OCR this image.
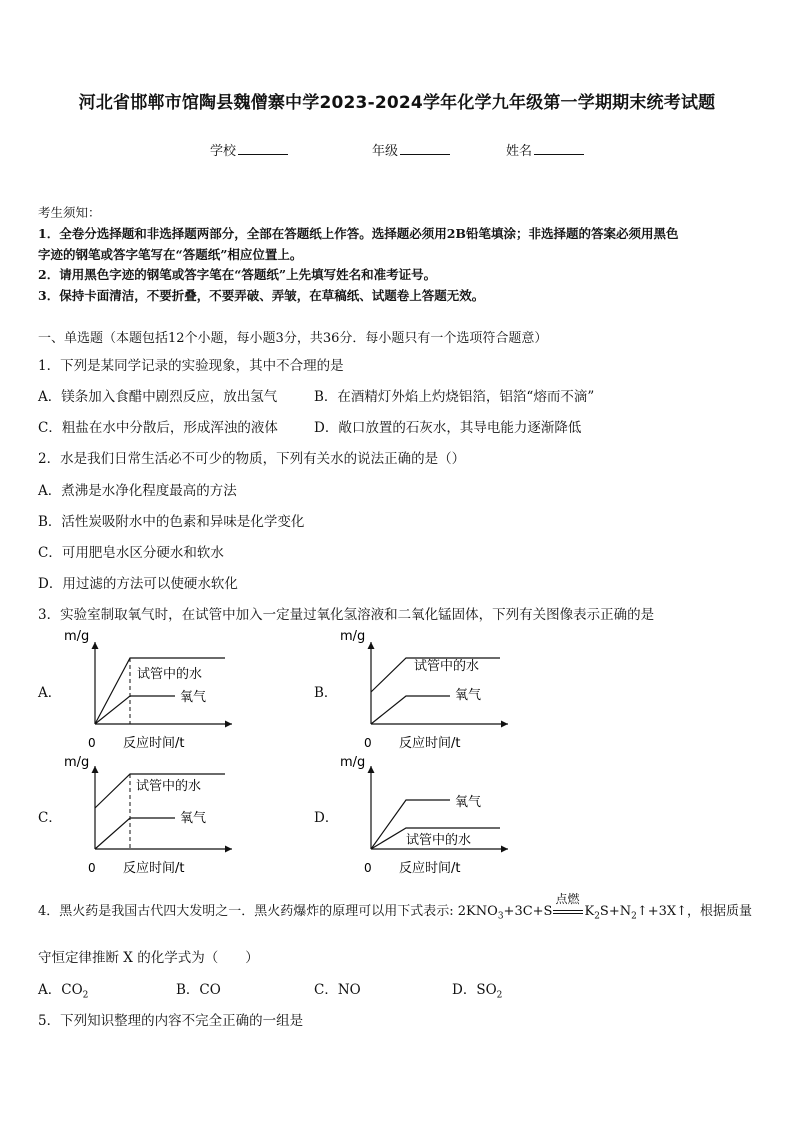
河北省邯郸市馆陶县魏僧寨中学2023-2024学年化学九年级第一学期期末统考试题
学校	年级	姓名
考生须知：
1．全卷分选择题和非选择题两部分，全部在答题纸上作答。选择题必须用2B铅笔填涂；非选择题的答案必须用黑色
字迹的钢笔或答字笔写在“答题纸”相应位置上。
2．请用黑色字迹的钢笔或答字笔在“答题纸”上先填写姓名和准考证号。
3．保持卡面清洁，不要折叠，不要弄破、弄皱，在草稿纸、试题卷上答题无效。
一、单选题（本题包括12个小题，每小题3分，共36分．每小题只有一个选项符合题意）
1．下列是某同学记录的实验现象，其中不合理的是
A．镁条加入食醋中剧烈反应，放出氢气	B．在酒精灯外焰上灼烧铝箔，铝箔“熔而不滴”
C．粗盐在水中分散后，形成浑浊的液体	D．敞口放置的石灰水，其导电能力逐渐降低
2．水是我们日常生活必不可少的物质，下列有关水的说法正确的是（）
A．煮沸是水净化程度最高的方法
B．活性炭吸附水中的色素和异味是化学变化
C．可用肥皂水区分硬水和软水
D．用过滤的方法可以使硬水软化
3．实验室制取氧气时，在试管中加入一定量过氧化氢溶液和二氧化锰固体，下列有关图像表示正确的是
A．	B．
C．	D．
m/g
0 反应时间/t
试管中的水
氧气
m/g
0 反应时间/t
试管中的水
氧气
m/g
0 反应时间/t
试管中的水
氧气
m/g
0 反应时间/t
氧气
试管中的水
4．黑火药是我国古代四大发明之一．黑火药爆炸的原理可以用下式表示: $2KNO_3+3C+S$
点燃
$K_2S+N_2↑+3X↑$，根据质量
守恒定律推断 X 的化学式为（　　）
A．$CO_2$	B．CO	C．NO	D．$SO_2$
5．下列知识整理的内容不完全正确的一组是
